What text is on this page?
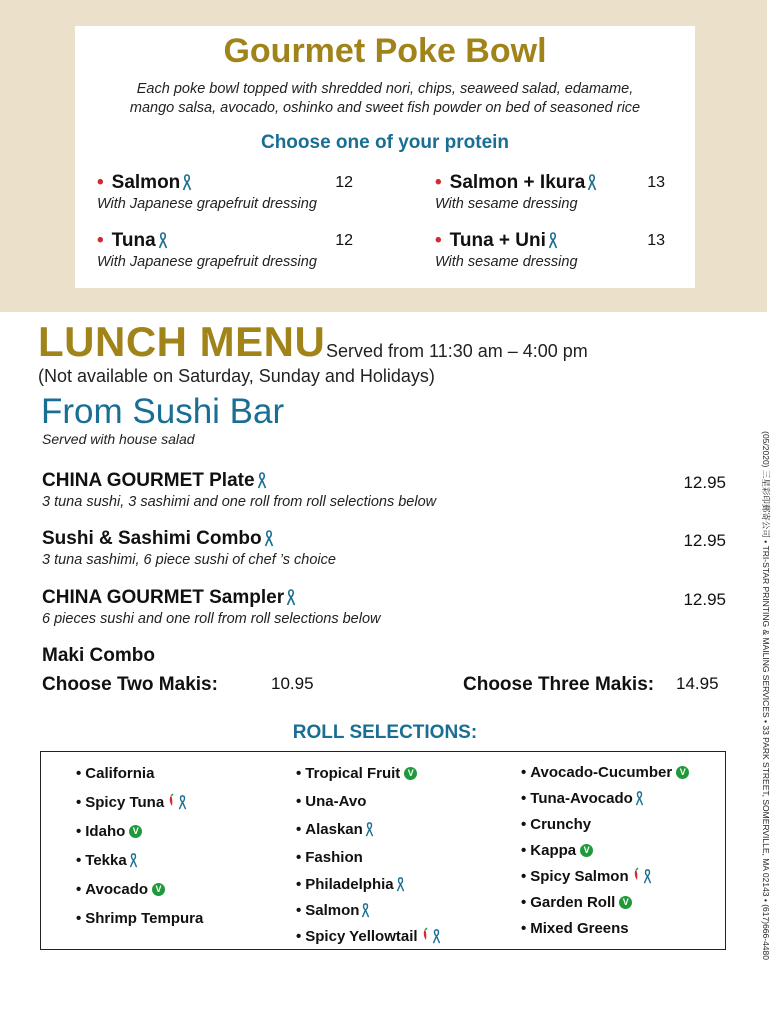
Gourmet Poke Bowl
Each poke bowl topped with shredded nori, chips, seaweed salad, edamame,
mango salsa, avocado, oshinko and sweet fish powder on bed of seasoned rice
Choose one of your protein
• Salmon	12
With Japanese grapefruit dressing
• Salmon + Ikura	13
With sesame dressing
• Tuna	12
With Japanese grapefruit dressing
• Tuna + Uni	13
With sesame dressing
LUNCH MENU Served from 11:30 am – 4:00 pm
(Not available on Saturday, Sunday and Holidays)
From Sushi Bar
Served with house salad
CHINA GOURMET Plate	12.95
3 tuna sushi, 3 sashimi and one roll from roll selections below
Sushi & Sashimi Combo	12.95
3 tuna sashimi, 6 piece sushi of chef ’s choice
CHINA GOURMET Sampler	12.95
6 pieces sushi and one roll from roll selections below
Maki Combo
Choose Two Makis:	10.95	Choose Three Makis: 14.95
ROLL SELECTIONS:
• California
• Spicy Tuna
• Idaho V
• Tekka
• Avocado V
• Shrimp Tempura
• Tropical Fruit V
• Una-Avo
• Alaskan
• Fashion
• Philadelphia
• Salmon
• Spicy Yellowtail
• Avocado-Cucumber V
• Tuna-Avocado
• Crunchy
• Kappa V
• Spicy Salmon
• Garden Roll V
• Mixed Greens	(05/2020) 三星彩印郵寄公司 • TRI-STAR PRINTING & MAILING SERVICES • 33 PARK STREET, SOMERVILLE, MA 02143 • (617)666-4480
